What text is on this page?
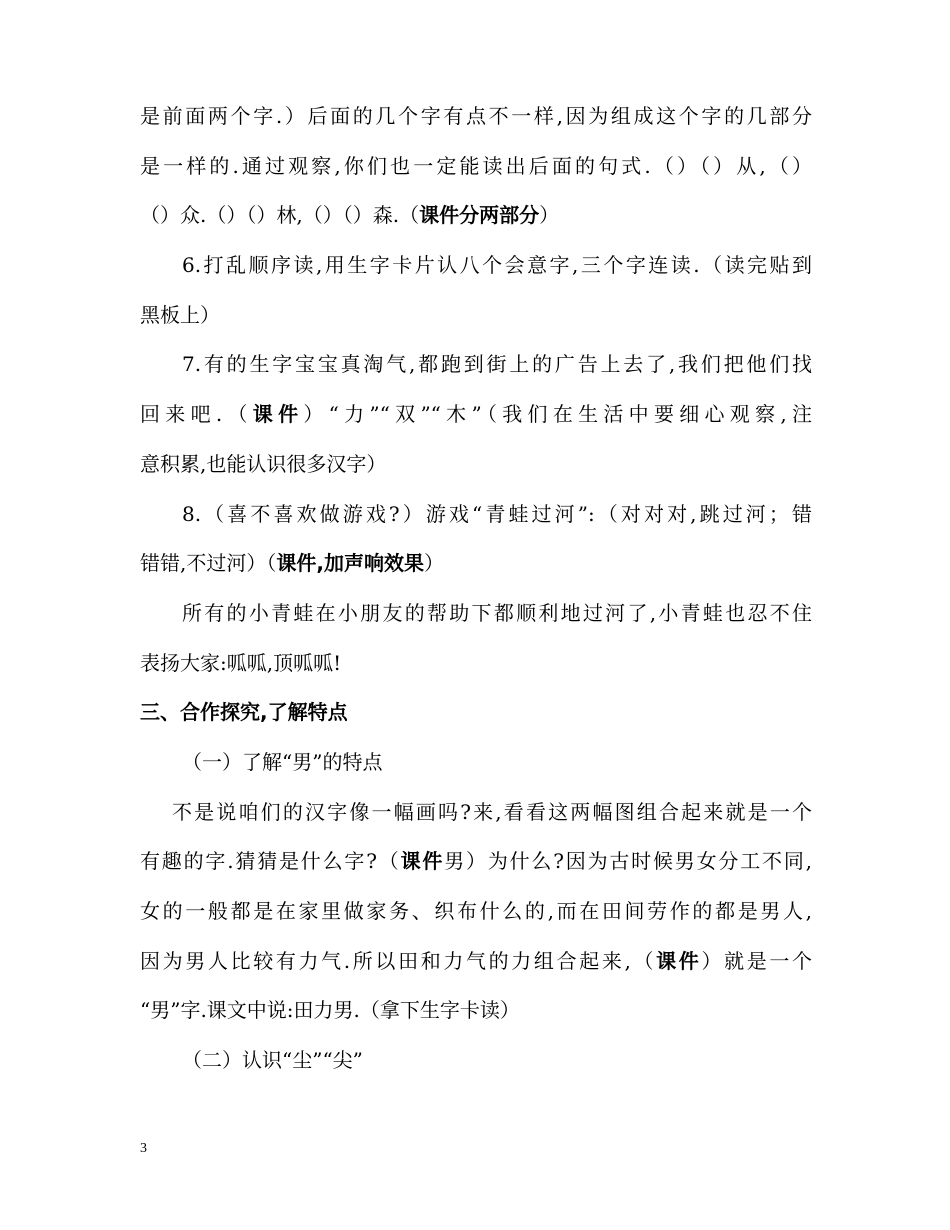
是前面两个字.）后面的几个字有点不一样,因为组成这个字的几部分
是一样的.通过观察,你们也一定能读出后面的句式.（）（）从,（）
（）众.（）（）林,（）（）森.（课件分两部分）
6.打乱顺序读,用生字卡片认八个会意字,三个字连读.（读完贴到
黑板上）
7.有的生字宝宝真淘气,都跑到街上的广告上去了,我们把他们找
回来吧.（课件）“力”“双”“木”（我们在生活中要细心观察,注
意积累,也能认识很多汉字）
8.（喜不喜欢做游戏?）游戏“青蛙过河”:（对对对,跳过河；错
错错,不过河）（课件,加声响效果）
所有的小青蛙在小朋友的帮助下都顺利地过河了,小青蛙也忍不住
表扬大家:呱呱,顶呱呱!
三、合作探究,了解特点
（一）了解“男”的特点
不是说咱们的汉字像一幅画吗?来,看看这两幅图组合起来就是一个
有趣的字.猜猜是什么字?（课件男）为什么?因为古时候男女分工不同,
女的一般都是在家里做家务、织布什么的,而在田间劳作的都是男人,
因为男人比较有力气.所以田和力气的力组合起来,（课件）就是一个
“男”字.课文中说:田力男.（拿下生字卡读）
（二）认识“尘”“尖”
3
